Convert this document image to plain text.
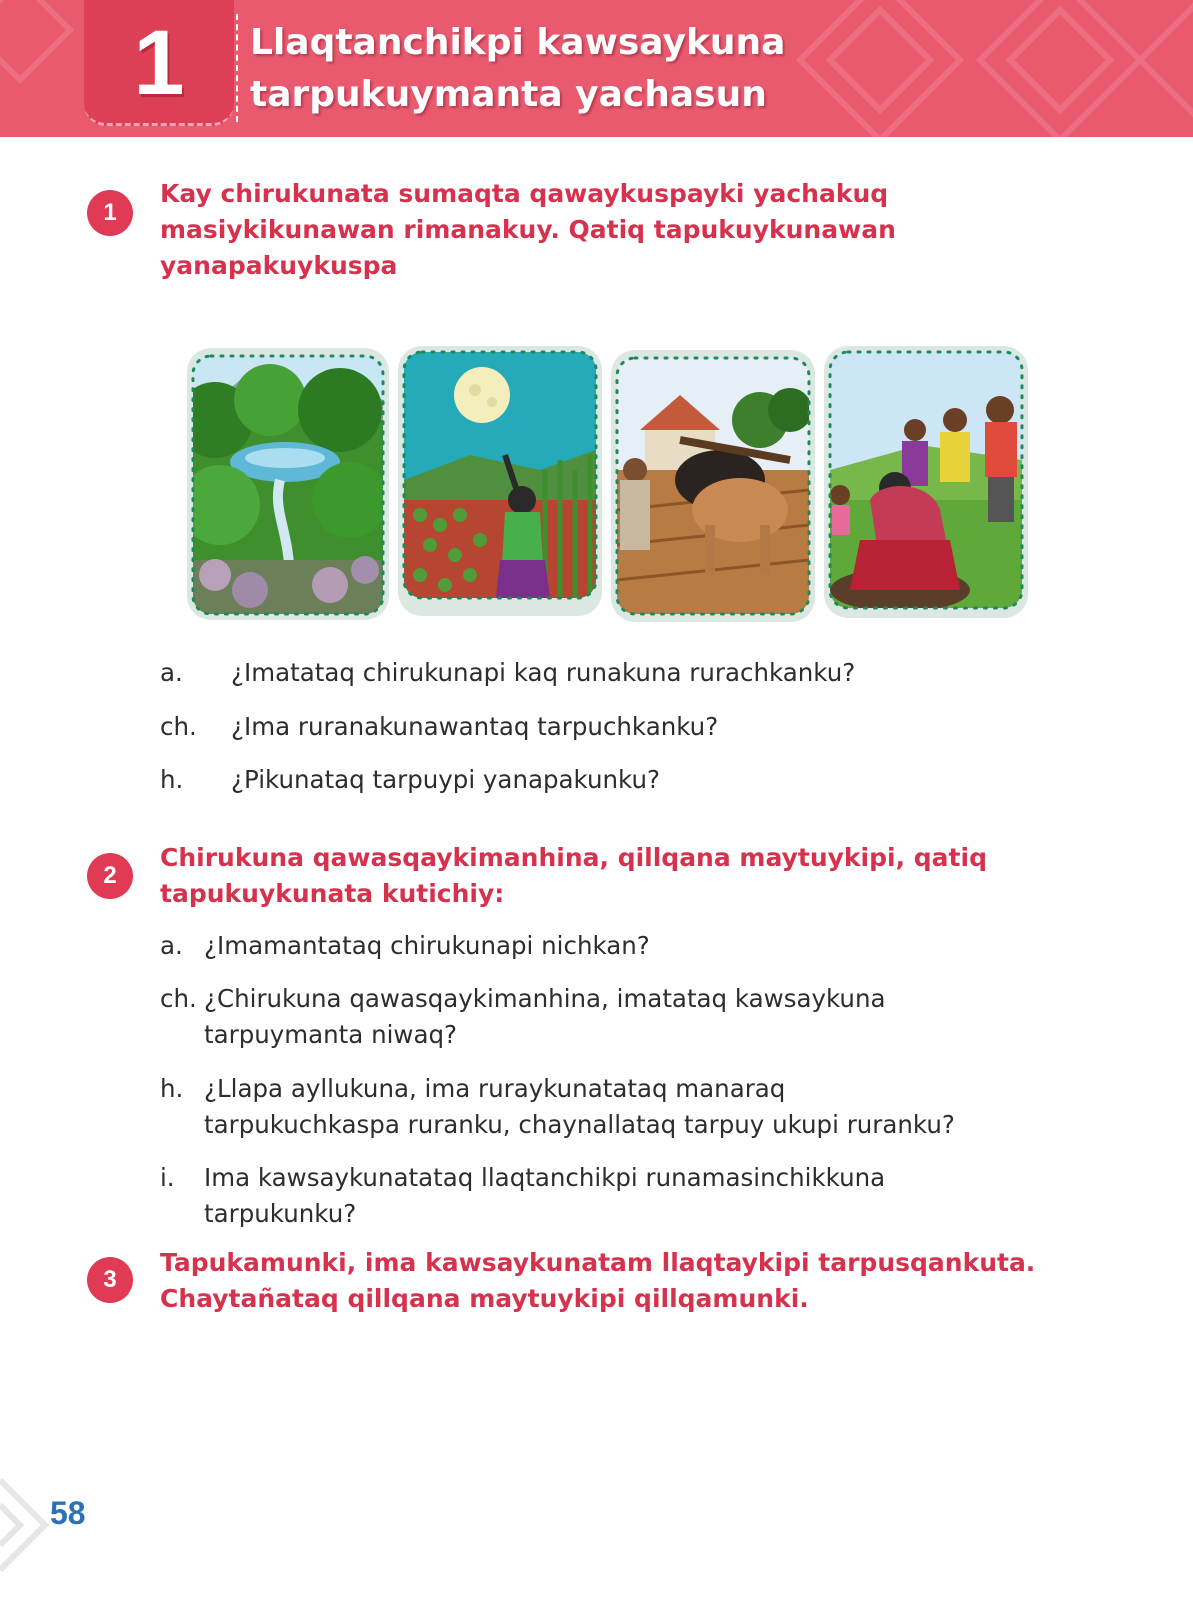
1	Llaqtanchikpi kawsaykuna
tarpukuymanta yachasun
1
Kay chirukunata sumaqta qawaykuspayki yachakuq
masiykikunawan rimanakuy. Qatiq tapukuykunawan
yanapakuykuspa
a. ¿Imatataq chirukunapi kaq runakuna rurachkanku?
ch. ¿Ima ruranakunawantaq tarpuchkanku?
h. ¿Pikunataq tarpuypi yanapakunku?
2
Chirukuna qawasqaykimanhina, qillqana maytuykipi, qatiq
tapukuykunata kutichiy:
a. ¿Imamantataq chirukunapi nichkan?
ch. ¿Chirukuna qawasqaykimanhina, imatataq kawsaykuna
tarpuymanta niwaq?
h. ¿Llapa ayllukuna, ima ruraykunatataq manaraq
tarpukuchkaspa ruranku, chaynallataq tarpuy ukupi ruranku?
i. Ima kawsaykunatataq llaqtanchikpi runamasinchikkuna
tarpukunku?
3
Tapukamunki, ima kawsaykunatam llaqtaykipi tarpusqankuta.
Chaytañataq qillqana maytuykipi qillqamunki.
58
